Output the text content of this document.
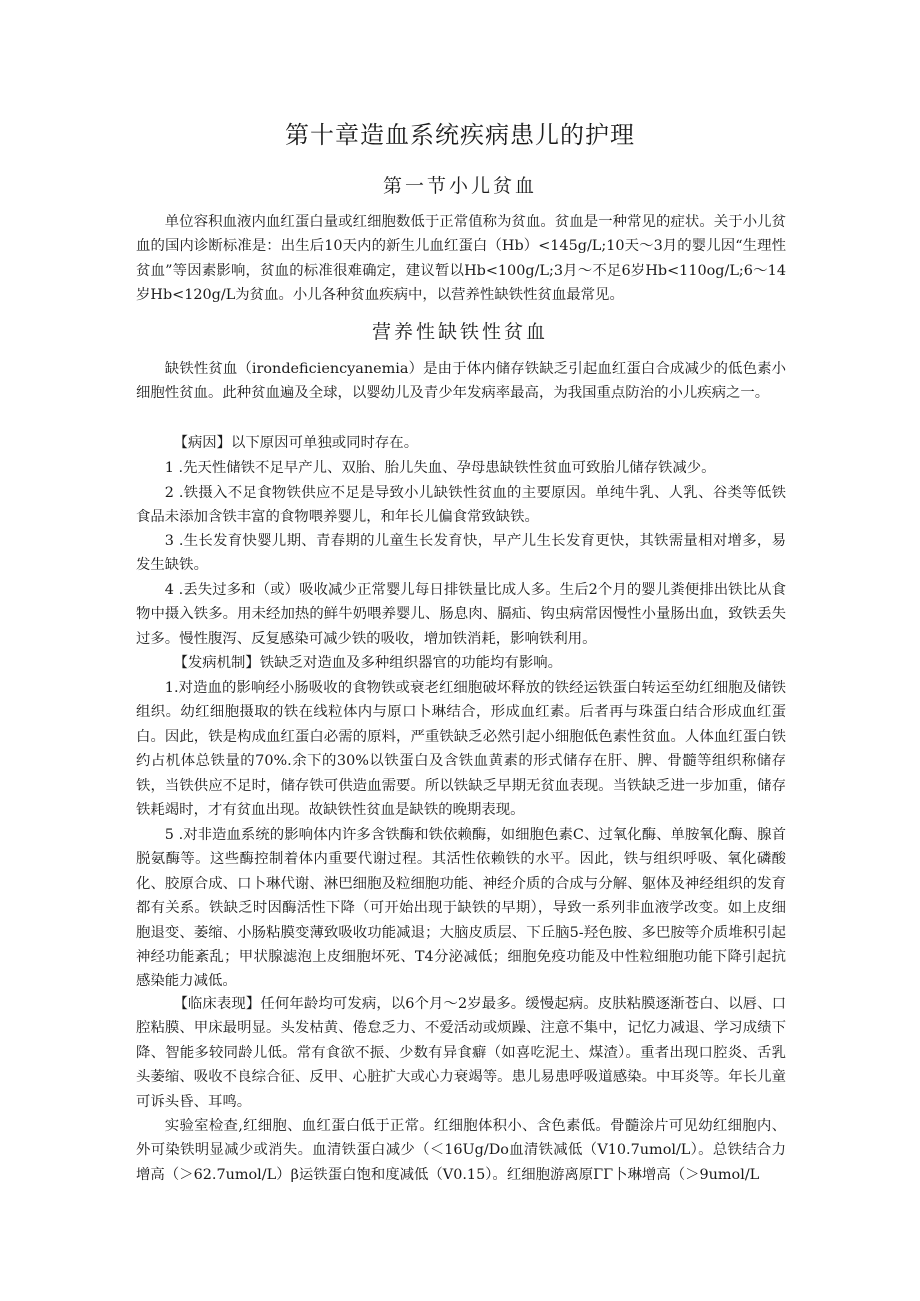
第十章造血系统疾病患儿的护理
第一节小儿贫血

单位容积血液内血红蛋白量或红细胞数低于正常值称为贫血。贫血是一种常见的症状。关于小儿贫血的国内诊断标准是：出生后10天内的新生儿血红蛋白（Hb）<145g∕L;10天～3月的婴儿因“生理性贫血”等因素影响，贫血的标准很难确定，建议暂以Hb<100g∕L;3月～不足6岁Hb<110og∕L;6～14岁Hb<120g∕L为贫血。小儿各种贫血疾病中，以营养性缺铁性贫血最常见。

营养性缺铁性贫血

缺铁性贫血（irondeficiencyanemia）是由于体内储存铁缺乏引起血红蛋白合成减少的低色素小细胞性贫血。此种贫血遍及全球，以婴幼儿及青少年发病率最高，为我国重点防治的小儿疾病之一。

【病因】以下原因可单独或同时存在。

1 .先天性储铁不足早产儿、双胎、胎儿失血、孕母患缺铁性贫血可致胎儿储存铁减少。

2 .铁摄入不足食物铁供应不足是导致小儿缺铁性贫血的主要原因。单纯牛乳、人乳、谷类等低铁食品未添加含铁丰富的食物喂养婴儿，和年长儿偏食常致缺铁。

3 .生长发育快婴儿期、青春期的儿童生长发育快，早产儿生长发育更快，其铁需量相对增多，易发生缺铁。

4 .丢失过多和（或）吸收减少正常婴儿每日排铁量比成人多。生后2个月的婴儿粪便排出铁比从食物中摄入铁多。用未经加热的鲜牛奶喂养婴儿、肠息肉、膈疝、钩虫病常因慢性小量肠出血，致铁丢失过多。慢性腹泻、反复感染可减少铁的吸收，增加铁消耗，影响铁利用。

【发病机制】铁缺乏对造血及多种组织器官的功能均有影响。

1.对造血的影响经小肠吸收的食物铁或衰老红细胞破坏释放的铁经运铁蛋白转运至幼红细胞及储铁组织。幼红细胞摄取的铁在线粒体内与原口卜琳结合，形成血红素。后者再与珠蛋白结合形成血红蛋白。因此，铁是构成血红蛋白必需的原料，严重铁缺乏必然引起小细胞低色素性贫血。人体血红蛋白铁约占机体总铁量的70%.余下的30%以铁蛋白及含铁血黄素的形式储存在肝、脾、骨髓等组织称储存铁，当铁供应不足时，储存铁可供造血需要。所以铁缺乏早期无贫血表现。当铁缺乏进一步加重，储存铁耗竭时，才有贫血出现。故缺铁性贫血是缺铁的晚期表现。

5 .对非造血系统的影响体内许多含铁酶和铁依赖酶，如细胞色素C、过氧化酶、单胺氧化酶、腺首脱氨酶等。这些酶控制着体内重要代谢过程。其活性依赖铁的水平。因此，铁与组织呼吸、氧化磷酸化、胶原合成、口卜琳代谢、淋巴细胞及粒细胞功能、神经介质的合成与分解、躯体及神经组织的发育都有关系。铁缺乏时因酶活性下降（可开始出现于缺铁的早期），导致一系列非血液学改变。如上皮细胞退变、萎缩、小肠粘膜变薄致吸收功能减退；大脑皮质层、下丘脑5-羟色胺、多巴胺等介质堆积引起神经功能紊乱；甲状腺滤泡上皮细胞坏死、T4分泌减低；细胞免疫功能及中性粒细胞功能下降引起抗感染能力减低。

【临床表现】任何年龄均可发病，以6个月～2岁最多。缓慢起病。皮肤粘膜逐渐苍白、以唇、口腔粘膜、甲床最明显。头发枯黄、倦怠乏力、不爱活动或烦躁、注意不集中，记忆力减退、学习成绩下降、智能多较同龄儿低。常有食欲不振、少数有异食癖（如喜吃泥土、煤渣）。重者出现口腔炎、舌乳头萎缩、吸收不良综合征、反甲、心脏扩大或心力衰竭等。患儿易患呼吸道感染。中耳炎等。年长儿童可诉头昏、耳鸣。

实验室检查,红细胞、血红蛋白低于正常。红细胞体积小、含色素低。骨髓涂片可见幼红细胞内、外可染铁明显减少或消失。血清铁蛋白减少（＜16Ug/Do血清铁减低（V10.7umol/L）。总铁结合力增高（＞62.7umol∕L）β运铁蛋白饱和度减低（V0.15）。红细胞游离原ΓΓ卜琳增高（＞9umol∕L
